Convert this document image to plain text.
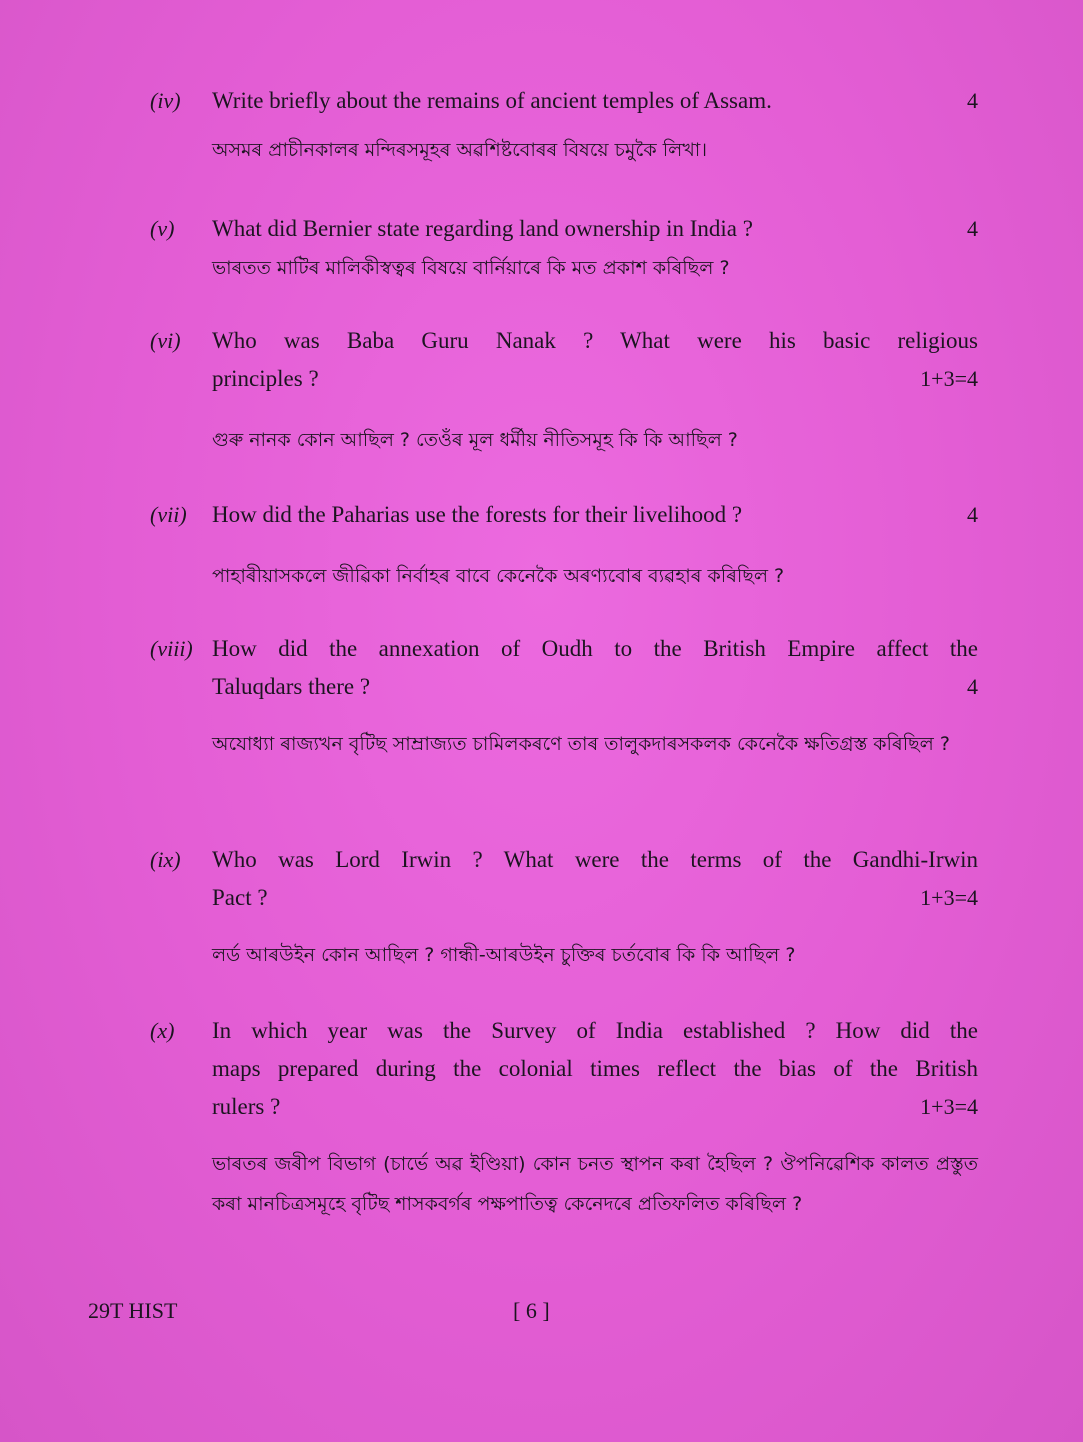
(iv) Write briefly about the remains of ancient temples of Assam.	4
অসমৰ প্ৰাচীনকালৰ মন্দিৰসমূহৰ অৱশিষ্টবোৰৰ বিষয়ে চমুকৈ লিখা।
(v) What did Bernier state regarding land ownership in India ?	4
ভাৰতত মাটিৰ মালিকীস্বত্বৰ বিষয়ে বাৰ্নিয়াৰে কি মত প্ৰকাশ কৰিছিল ?
(vi) Who was Baba Guru Nanak ? What were his basic religious
principles ?	1+3=4
গুৰু নানক কোন আছিল ? তেওঁৰ মূল ধৰ্মীয় নীতিসমূহ কি কি আছিল ?
(vii) How did the Paharias use the forests for their livelihood ?	4
পাহাৰীয়াসকলে জীৱিকা নিৰ্বাহৰ বাবে কেনেকৈ অৰণ্যবোৰ ব্যৱহাৰ কৰিছিল ?
(viii) How did the annexation of Oudh to the British Empire affect the
Taluqdars there ?	4
অযোধ্যা ৰাজ্যখন বৃটিছ সাম্ৰাজ্যত চামিলকৰণে তাৰ তালুকদাৰসকলক কেনেকৈ ক্ষতিগ্ৰস্ত কৰিছিল ?
(ix) Who was Lord Irwin ? What were the terms of the Gandhi-Irwin
Pact ?	1+3=4
লৰ্ড আৰউইন কোন আছিল ? গান্ধী-আৰউইন চুক্তিৰ চৰ্তবোৰ কি কি আছিল ?
(x) In which year was the Survey of India established ? How did the
maps prepared during the colonial times reflect the bias of the British
rulers ?	1+3=4
ভাৰতৰ জৰীপ বিভাগ (চাৰ্ভে অৱ ইণ্ডিয়া) কোন চনত স্থাপন কৰা হৈছিল ? ঔপনিৱেশিক কালত প্ৰস্তুত কৰা মানচিত্ৰসমূহে বৃটিছ শাসকবৰ্গৰ পক্ষপাতিত্ব কেনেদৰে প্ৰতিফলিত কৰিছিল ?
29T HIST	[ 6 ]
